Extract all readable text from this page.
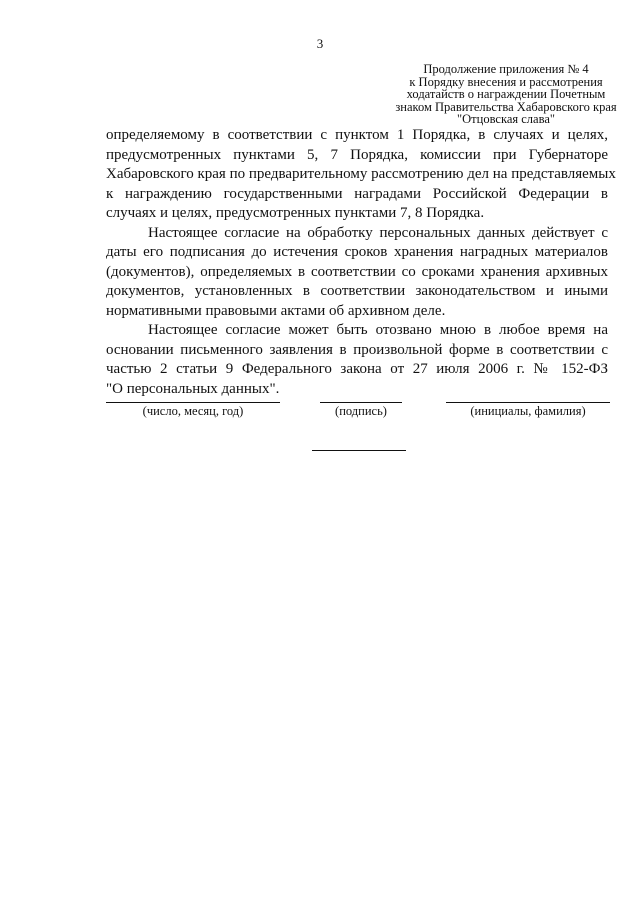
3
Продолжение приложения № 4
к Порядку внесения и рассмотрения
ходатайств о награждении Почетным
знаком Правительства Хабаровского края
"Отцовская слава"

определяемому в соответствии с пунктом 1 Порядка, в случаях и целях,
предусмотренных пунктами 5, 7 Порядка, комиссии при Губернаторе
Хабаровского края по предварительному рассмотрению дел на представляемых
к награждению государственными наградами Российской Федерации в
случаях и целях, предусмотренных пунктами 7, 8 Порядка.

Настоящее согласие на обработку персональных данных действует с
даты его подписания до истечения сроков хранения наградных материалов
(документов), определяемых в соответствии со сроками хранения архивных
документов, установленных в соответствии законодательством и иными
нормативными правовыми актами об архивном деле.

Настоящее согласие может быть отозвано мною в любое время на
основании письменного заявления в произвольной форме в соответствии с
частью 2 статьи 9 Федерального закона от 27 июля 2006 г. № 152-ФЗ
"О персональных данных".

(число, месяц, год)	(подпись)	(инициалы, фамилия)
